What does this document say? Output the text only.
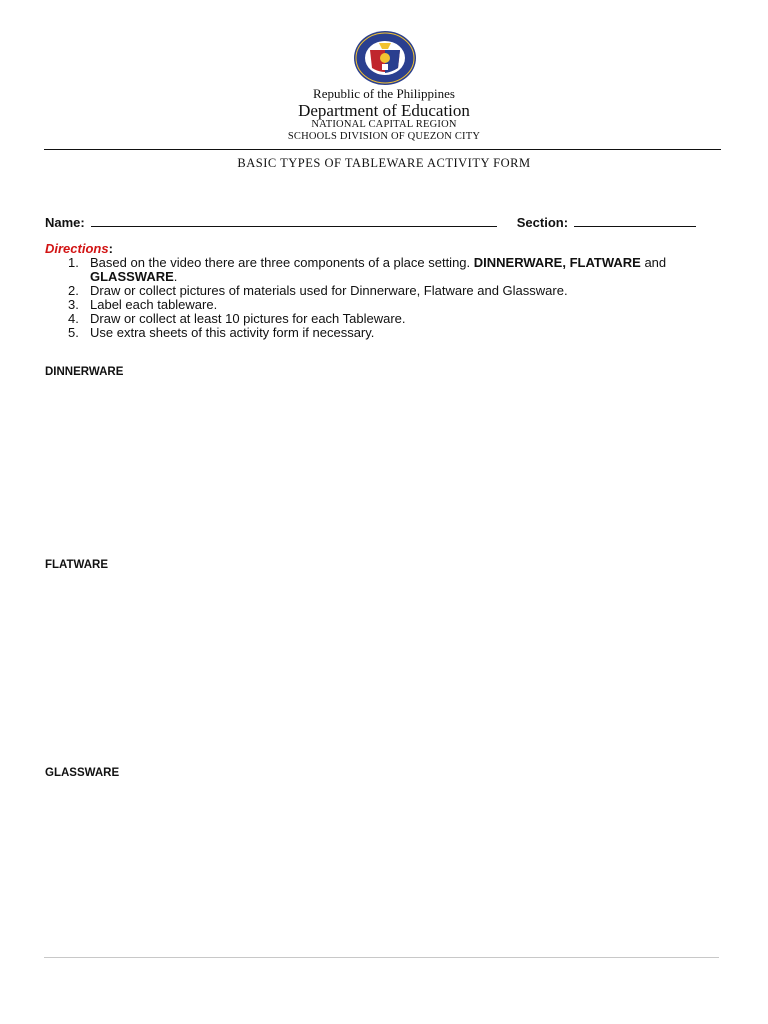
Republic of the Philippines
Department of Education
NATIONAL CAPITAL REGION
SCHOOLS DIVISION OF QUEZON CITY
BASIC TYPES OF TABLEWARE ACTIVITY FORM
Name:	Section:
Directions:
1. Based on the video there are three components of a place setting. DINNERWARE, FLATWARE and GLASSWARE.
2. Draw or collect pictures of materials used for Dinnerware, Flatware and Glassware.
3. Label each tableware.
4. Draw or collect at least 10 pictures for each Tableware.
5. Use extra sheets of this activity form if necessary.
DINNERWARE
FLATWARE
GLASSWARE
